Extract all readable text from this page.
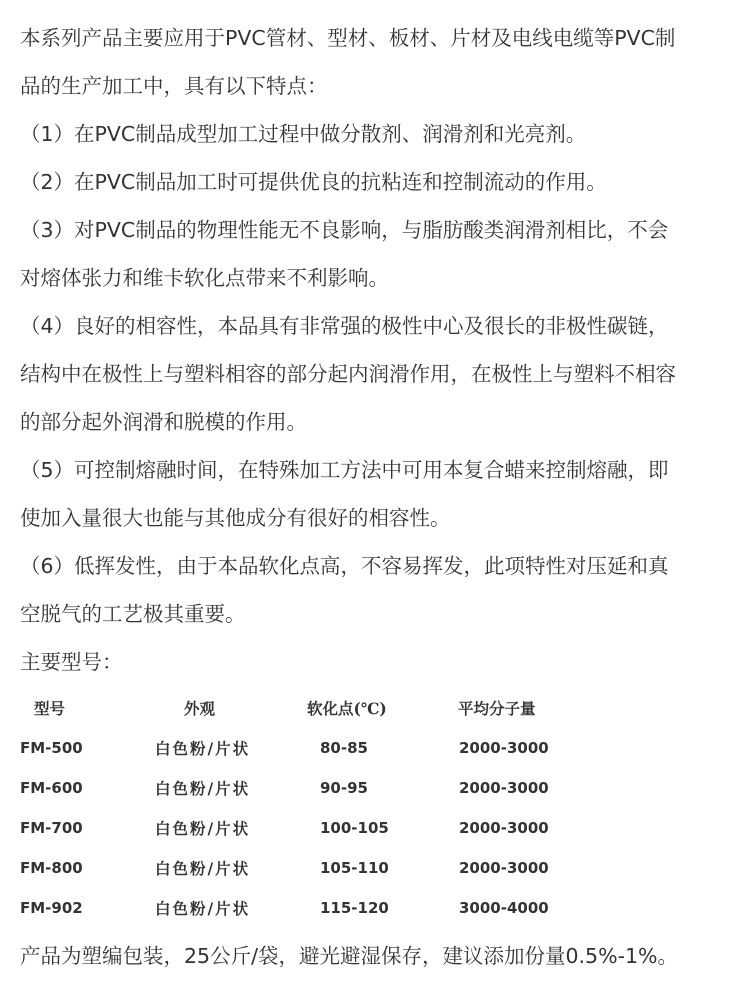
本系列产品主要应用于PVC管材、型材、板材、片材及电线电缆等PVC制
品的生产加工中，具有以下特点：
（1）在PVC制品成型加工过程中做分散剂、润滑剂和光亮剂。
（2）在PVC制品加工时可提供优良的抗粘连和控制流动的作用。
（3）对PVC制品的物理性能无不良影响，与脂肪酸类润滑剂相比，不会
对熔体张力和维卡软化点带来不利影响。
（4）良好的相容性，本品具有非常强的极性中心及很长的非极性碳链，
结构中在极性上与塑料相容的部分起内润滑作用，在极性上与塑料不相容
的部分起外润滑和脱模的作用。
（5）可控制熔融时间，在特殊加工方法中可用本复合蜡来控制熔融，即
使加入量很大也能与其他成分有很好的相容性。
（6）低挥发性，由于本品软化点高，不容易挥发，此项特性对压延和真
空脱气的工艺极其重要。
主要型号：
型号	外观	软化点(℃)	平均分子量
FM-500	白色粉/片状	80-85	2000-3000
FM-600	白色粉/片状	90-95	2000-3000
FM-700	白色粉/片状	100-105	2000-3000
FM-800	白色粉/片状	105-110	2000-3000
FM-902	白色粉/片状	115-120	3000-4000
产品为塑编包装，25公斤/袋，避光避湿保存，建议添加份量0.5%-1%。
